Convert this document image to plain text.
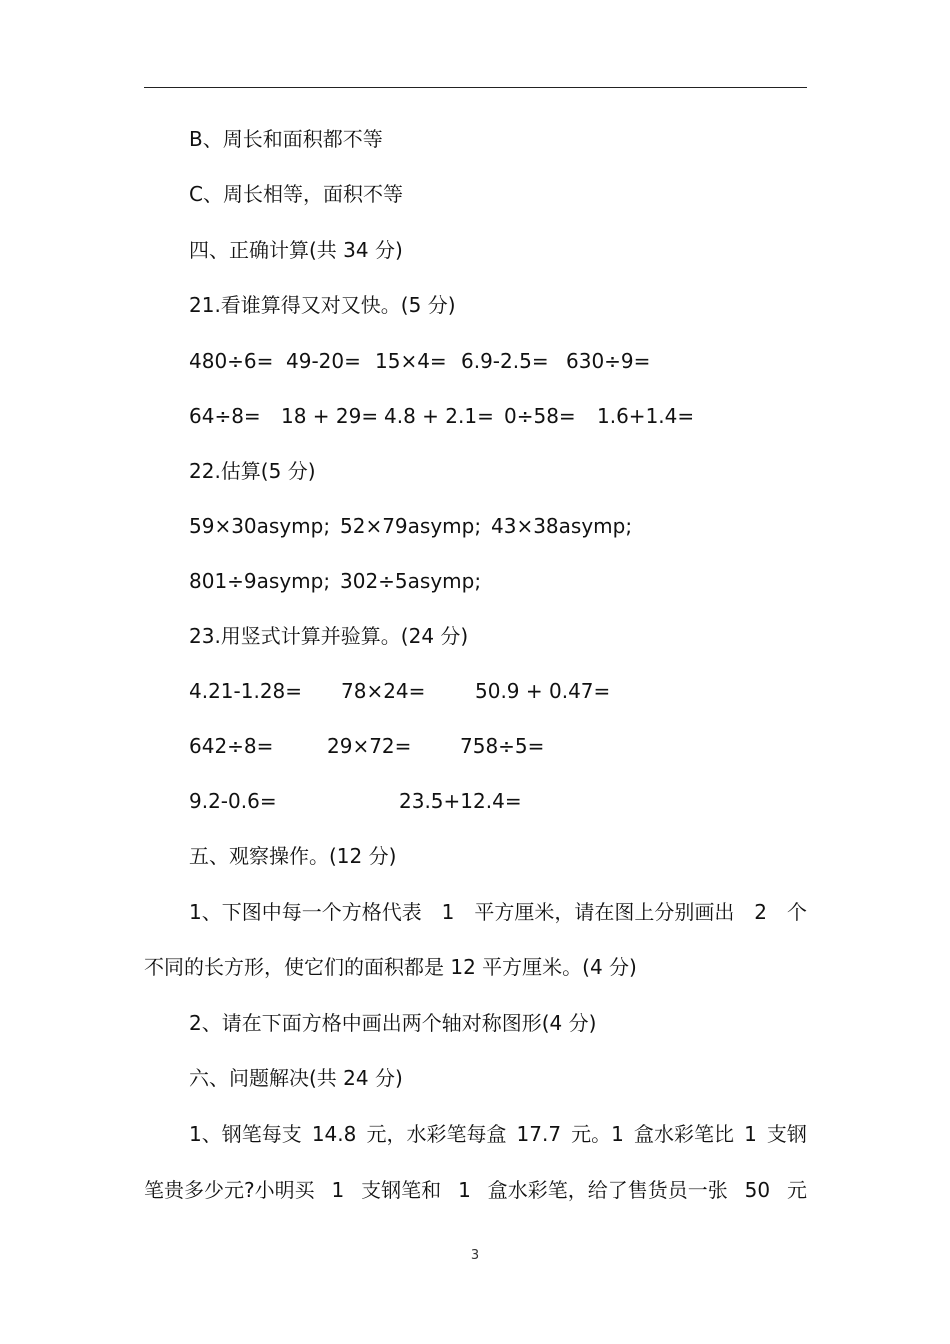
B、周长和面积都不等
C、周长相等，面积不等
四、正确计算(共 34 分)
21.看谁算得又对又快。(5 分)
480÷6= 49-20= 15×4= 6.9-2.5= 630÷9=
64÷8= 18 + 29= 4.8 + 2.1= 0÷58= 1.6+1.4=
22.估算(5 分)
59×30asymp; 52×79asymp; 43×38asymp;
801÷9asymp; 302÷5asymp;
23.用竖式计算并验算。(24 分)
4.21-1.28= 78×24= 50.9 + 0.47=
642÷8=	29×72= 758÷5=
9.2-0.6=	23.5+12.4=
五、观察操作。(12 分)
1、下图中每一个方格代表 1 平方厘米，请在图上分别画出 2 个
不同的长方形，使它们的面积都是 12 平方厘米。(4 分)
2、请在下面方格中画出两个轴对称图形(4 分)
六、问题解决(共 24 分)
1、钢笔每支 14.8 元，水彩笔每盒 17.7 元。1 盒水彩笔比 1 支钢
笔贵多少元?小明买 1 支钢笔和 1 盒水彩笔，给了售货员一张 50 元
3
